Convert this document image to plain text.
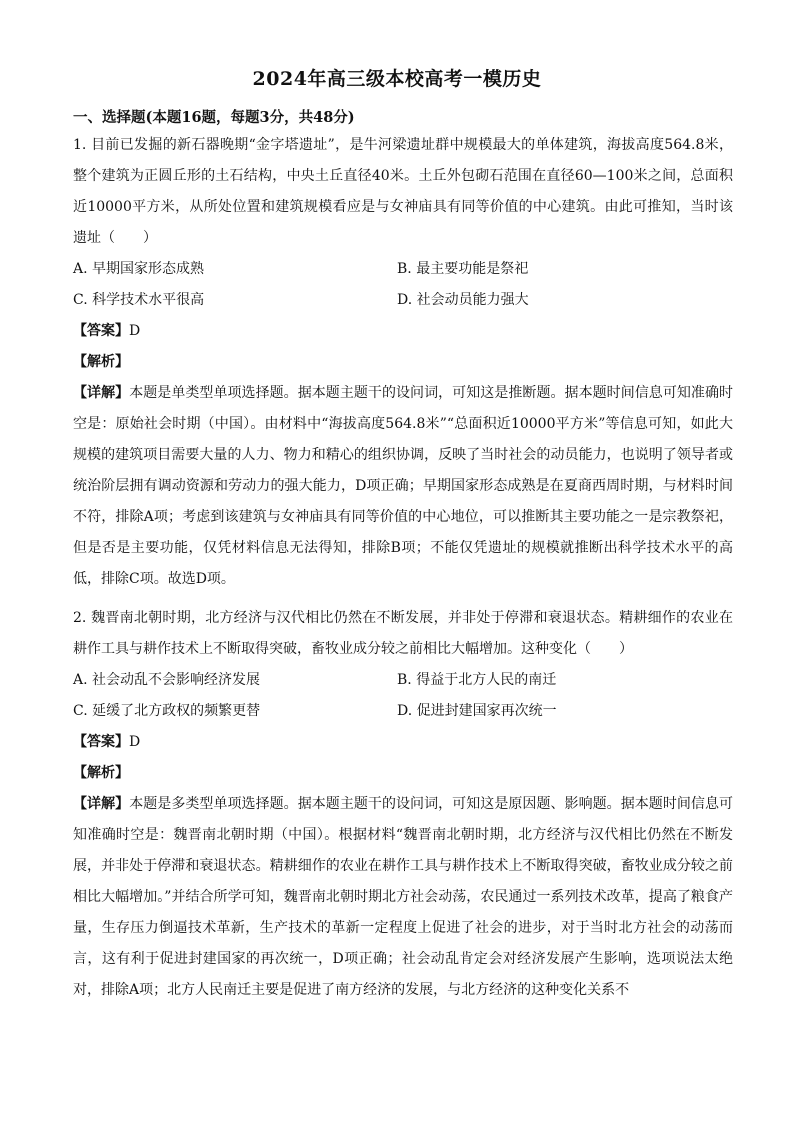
2024年高三级本校高考一模历史
一、选择题(本题16题，每题3分，共48分)

1. 目前已发掘的新石器晚期“金字塔遗址”，是牛河梁遗址群中规模最大的单体建筑，海拔高度564.8米，整个建筑为正圆丘形的土石结构，中央土丘直径40米。土丘外包砌石范围在直径60—100米之间，总面积近10000平方米，从所处位置和建筑规模看应是与女神庙具有同等价值的中心建筑。由此可推知，当时该遗址（　　）

A. 早期国家形态成熟	B. 最主要功能是祭祀
C. 科学技术水平很高	D. 社会动员能力强大

【答案】D

【解析】

【详解】本题是单类型单项选择题。据本题主题干的设问词，可知这是推断题。据本题时间信息可知准确时空是：原始社会时期（中国）。由材料中“海拔高度564.8米”“总面积近10000平方米”等信息可知，如此大规模的建筑项目需要大量的人力、物力和精心的组织协调，反映了当时社会的动员能力，也说明了领导者或统治阶层拥有调动资源和劳动力的强大能力，D项正确；早期国家形态成熟是在夏商西周时期，与材料时间不符，排除A项；考虑到该建筑与女神庙具有同等价值的中心地位，可以推断其主要功能之一是宗教祭祀，但是否是主要功能，仅凭材料信息无法得知，排除B项；不能仅凭遗址的规模就推断出科学技术水平的高低，排除C项。故选D项。

2. 魏晋南北朝时期，北方经济与汉代相比仍然在不断发展，并非处于停滞和衰退状态。精耕细作的农业在耕作工具与耕作技术上不断取得突破，畜牧业成分较之前相比大幅增加。这种变化（　　）

A. 社会动乱不会影响经济发展	B. 得益于北方人民的南迁
C. 延缓了北方政权的频繁更替	D. 促进封建国家再次统一

【答案】D

【解析】

【详解】本题是多类型单项选择题。据本题主题干的设问词，可知这是原因题、影响题。据本题时间信息可知准确时空是：魏晋南北朝时期（中国）。根据材料“魏晋南北朝时期，北方经济与汉代相比仍然在不断发展，并非处于停滞和衰退状态。精耕细作的农业在耕作工具与耕作技术上不断取得突破，畜牧业成分较之前相比大幅增加。”并结合所学可知，魏晋南北朝时期北方社会动荡，农民通过一系列技术改革，提高了粮食产量，生存压力倒逼技术革新，生产技术的革新一定程度上促进了社会的进步，对于当时北方社会的动荡而言，这有利于促进封建国家的再次统一，D项正确；社会动乱肯定会对经济发展产生影响，选项说法太绝对，排除A项；北方人民南迁主要是促进了南方经济的发展，与北方经济的这种变化关系不
